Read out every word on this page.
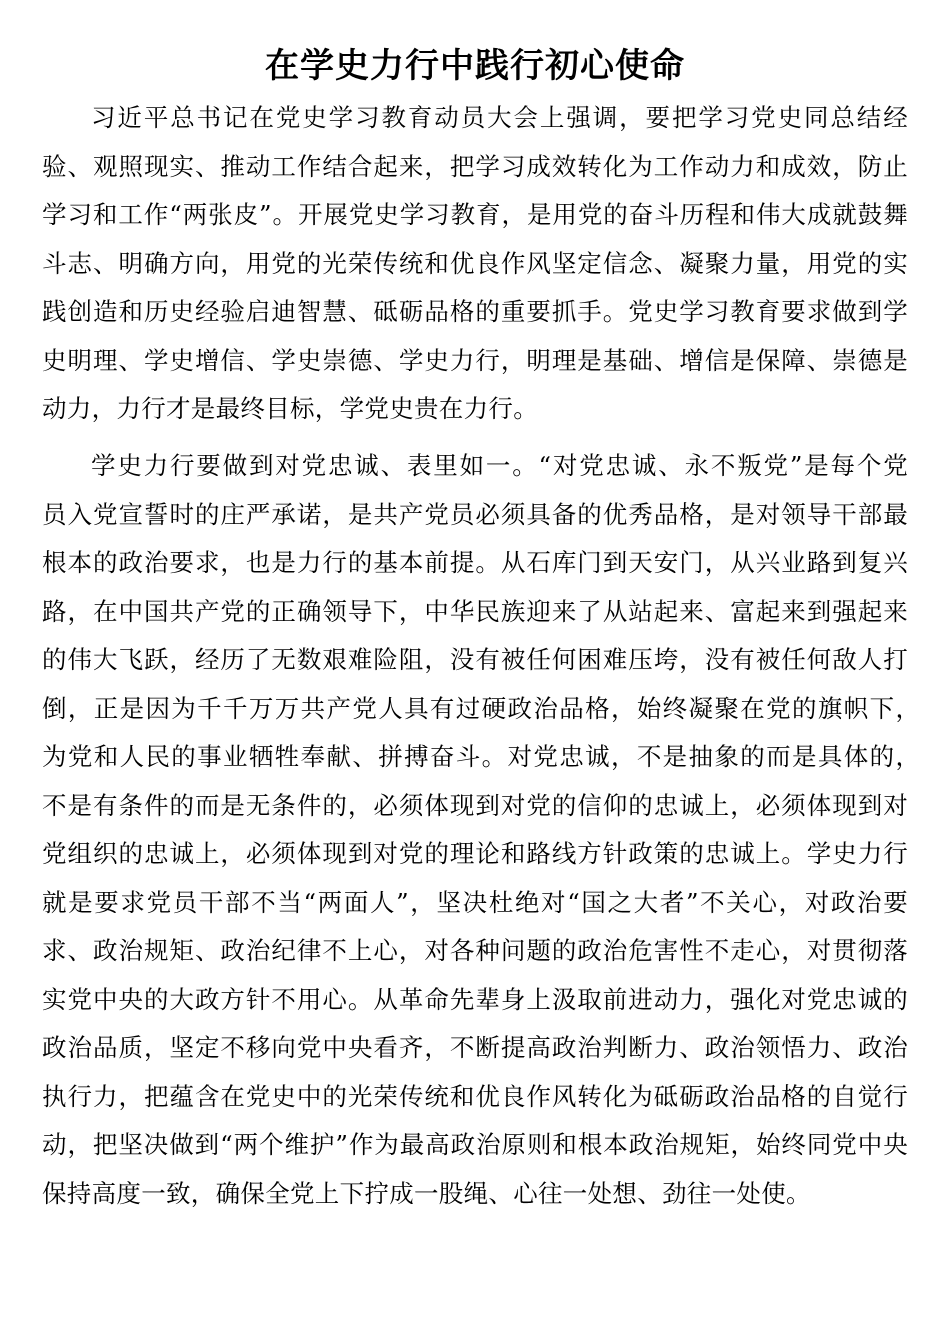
在学史力行中践行初心使命

习近平总书记在党史学习教育动员大会上强调，要把学习党史同总结经验、观照现实、推动工作结合起来，把学习成效转化为工作动力和成效，防止学习和工作“两张皮”。开展党史学习教育，是用党的奋斗历程和伟大成就鼓舞斗志、明确方向，用党的光荣传统和优良作风坚定信念、凝聚力量，用党的实践创造和历史经验启迪智慧、砥砺品格的重要抓手。党史学习教育要求做到学史明理、学史增信、学史崇德、学史力行，明理是基础、增信是保障、崇德是动力，力行才是最终目标，学党史贵在力行。

学史力行要做到对党忠诚、表里如一。“对党忠诚、永不叛党”是每个党　员入党宣誓时的庄严承诺，是共产党员必须具备的优秀品格，是对领导干部最根本的政治要求，也是力行的基本前提。从石库门到天安门，从兴业路到复兴路，在中国共产党的正确领导下，中华民族迎来了从站起来、富起来到强起来的伟大飞跃，经历了无数艰难险阻，没有被任何困难压垮，没有被任何敌人打倒，正是因为千千万万共产党人具有过硬政治品格，始终凝聚在党的旗帜下，　为党和人民的事业牺牲奉献、拼搏奋斗。对党忠诚，不是抽象的而是具体的，　不是有条件的而是无条件的，必须体现到对党的信仰的忠诚上，必须体现到对党组织的忠诚上，必须体现到对党的理论和路线方针政策的忠诚上。学史力行就是要求党员干部不当“两面人”，坚决杜绝对“国之大者”不关心，对政治要求、政治规矩、政治纪律不上心，对各种问题的政治危害性不走心，对贯彻落实党中央的大政方针不用心。从革命先辈身上汲取前进动力，强化对党忠诚的政治品质，坚定不移向党中央看齐，不断提高政治判断力、政治领悟力、政治执行力，把蕴含在党史中的光荣传统和优良作风转化为砥砺政治品格的自觉行动，把坚决做到“两个维护”作为最高政治原则和根本政治规矩，始终同党中央保持高度一致，确保全党上下拧成一股绳、心往一处想、劲往一处使。
